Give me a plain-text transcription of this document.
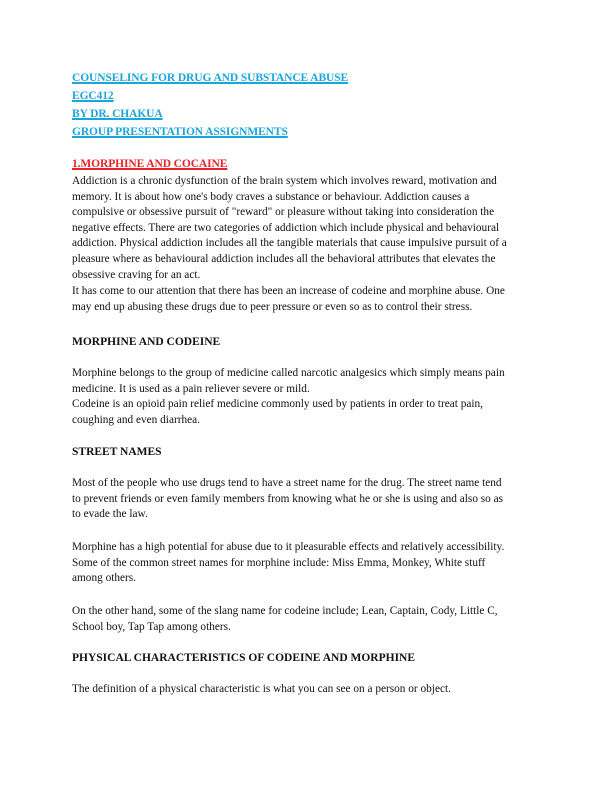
COUNSELING FOR DRUG AND SUBSTANCE ABUSE
EGC412
BY DR. CHAKUA
GROUP PRESENTATION ASSIGNMENTS
1.MORPHINE AND COCAINE
Addiction is a chronic dysfunction of the brain system which involves reward, motivation and
memory. It is about how one's body craves a substance or behaviour. Addiction causes a
compulsive or obsessive pursuit of "reward" or pleasure without taking into consideration the
negative effects. There are two categories of addiction which include physical and behavioural
addiction. Physical addiction includes all the tangible materials that cause impulsive pursuit of a
pleasure where as behavioural addiction includes all the behavioral attributes that elevates the
obsessive craving for an act.
It has come to our attention that there has been an increase of codeine and morphine abuse. One
may end up abusing these drugs due to peer pressure or even so as to control their stress.
MORPHINE AND CODEINE
Morphine belongs to the group of medicine called narcotic analgesics which simply means pain
medicine. It is used as a pain reliever severe or mild.
Codeine is an opioid pain relief medicine commonly used by patients in order to treat pain,
coughing and even diarrhea.
STREET NAMES
Most of the people who use drugs tend to have a street name for the drug. The street name tend
to prevent friends or even family members from knowing what he or she is using and also so as
to evade the law.
Morphine has a high potential for abuse due to it pleasurable effects and relatively accessibility.
Some of the common street names for morphine include: Miss Emma, Monkey, White stuff
among others.
On the other hand, some of the slang name for codeine include; Lean, Captain, Cody, Little C,
School boy, Tap Tap among others.
PHYSICAL CHARACTERISTICS OF CODEINE AND MORPHINE
The definition of a physical characteristic is what you can see on a person or object.
